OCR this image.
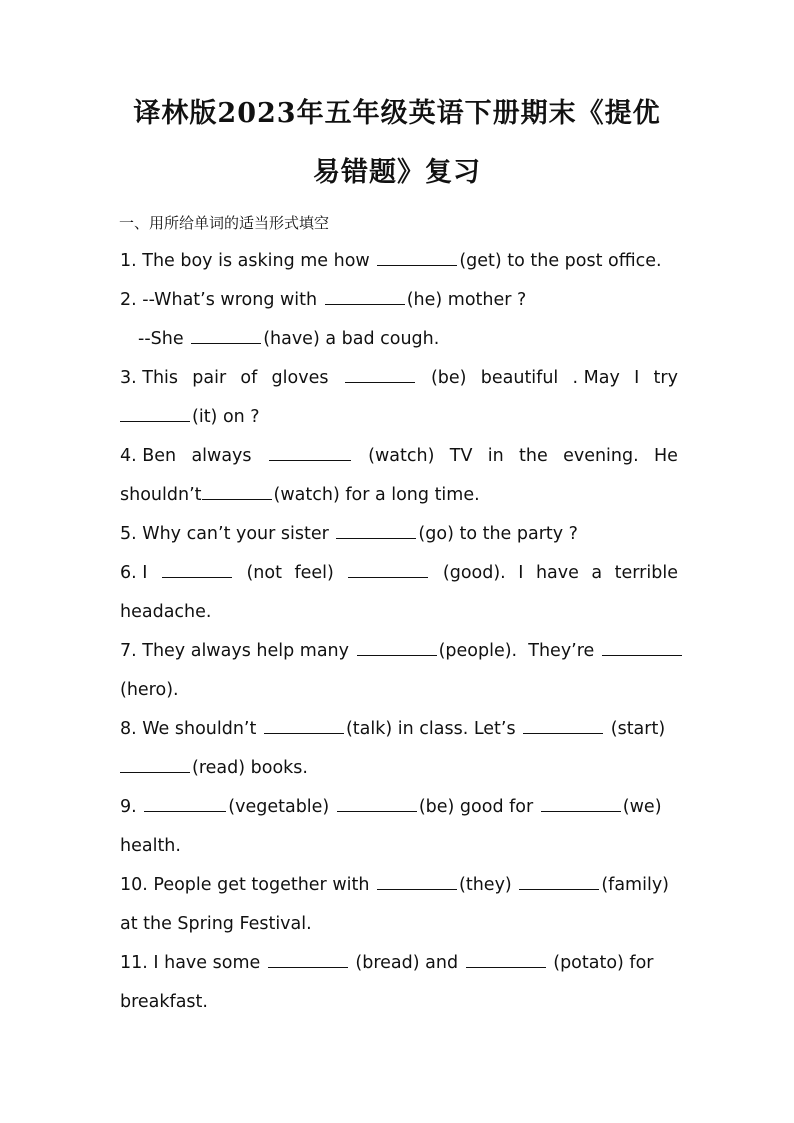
译林版2023年五年级英语下册期末《提优
易错题》复习
一、用所给单词的适当形式填空
1. The boy is asking me how	(get) to the post office.
2. --What’s wrong with	(he) mother ?
--She	(have) a bad cough.
3. This pair of gloves	(be) beautiful . May I try
(it) on ?
4. Ben always	(watch) TV in the evening. He
shouldn’t	(watch) for a long time.
5. Why can’t your sister	(go) to the party ?
6. I	(not feel)	(good). I have a terrible
headache.
7. They always help many	(people). They’re
(hero).
8. We shouldn’t	(talk) in class. Let’s	(start)
(read) books.
9.	(vegetable)	(be) good for	(we)
health.
10. People get together with	(they)	(family)
at the Spring Festival.
11. I have some	(bread) and	(potato) for
breakfast.
